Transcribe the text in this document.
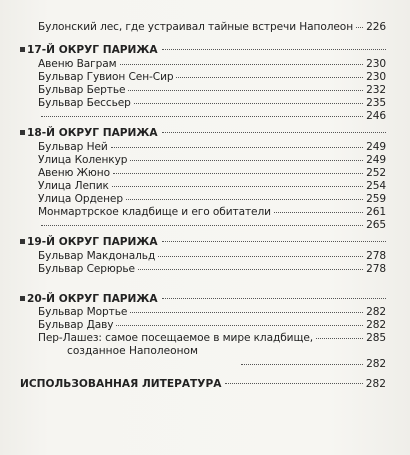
Булонский лес, где устраивал тайные встречи Наполеон 226
17-Й ОКРУГ ПАРИЖА
Авеню Ваграм	230
Бульвар Гувион Сен-Сир	230
Бульвар Бертье	232
Бульвар Бессьер	235
246
18-Й ОКРУГ ПАРИЖА
Бульвар Ней	249
Улица Коленкур	249
Авеню Жюно	252
Улица Лепик	254
Улица Орденер	259
Монмартрское кладбище и его обитатели	261
265
19-Й ОКРУГ ПАРИЖА
Бульвар Макдональд	278
Бульвар Серюрье	278
20-Й ОКРУГ ПАРИЖА
Бульвар Мортье	282
Бульвар Даву	282
Пер-Лашез: самое посещаемое в мире кладбище,	285
созданное Наполеоном
282
ИСПОЛЬЗОВАННАЯ ЛИТЕРАТУРА	282
